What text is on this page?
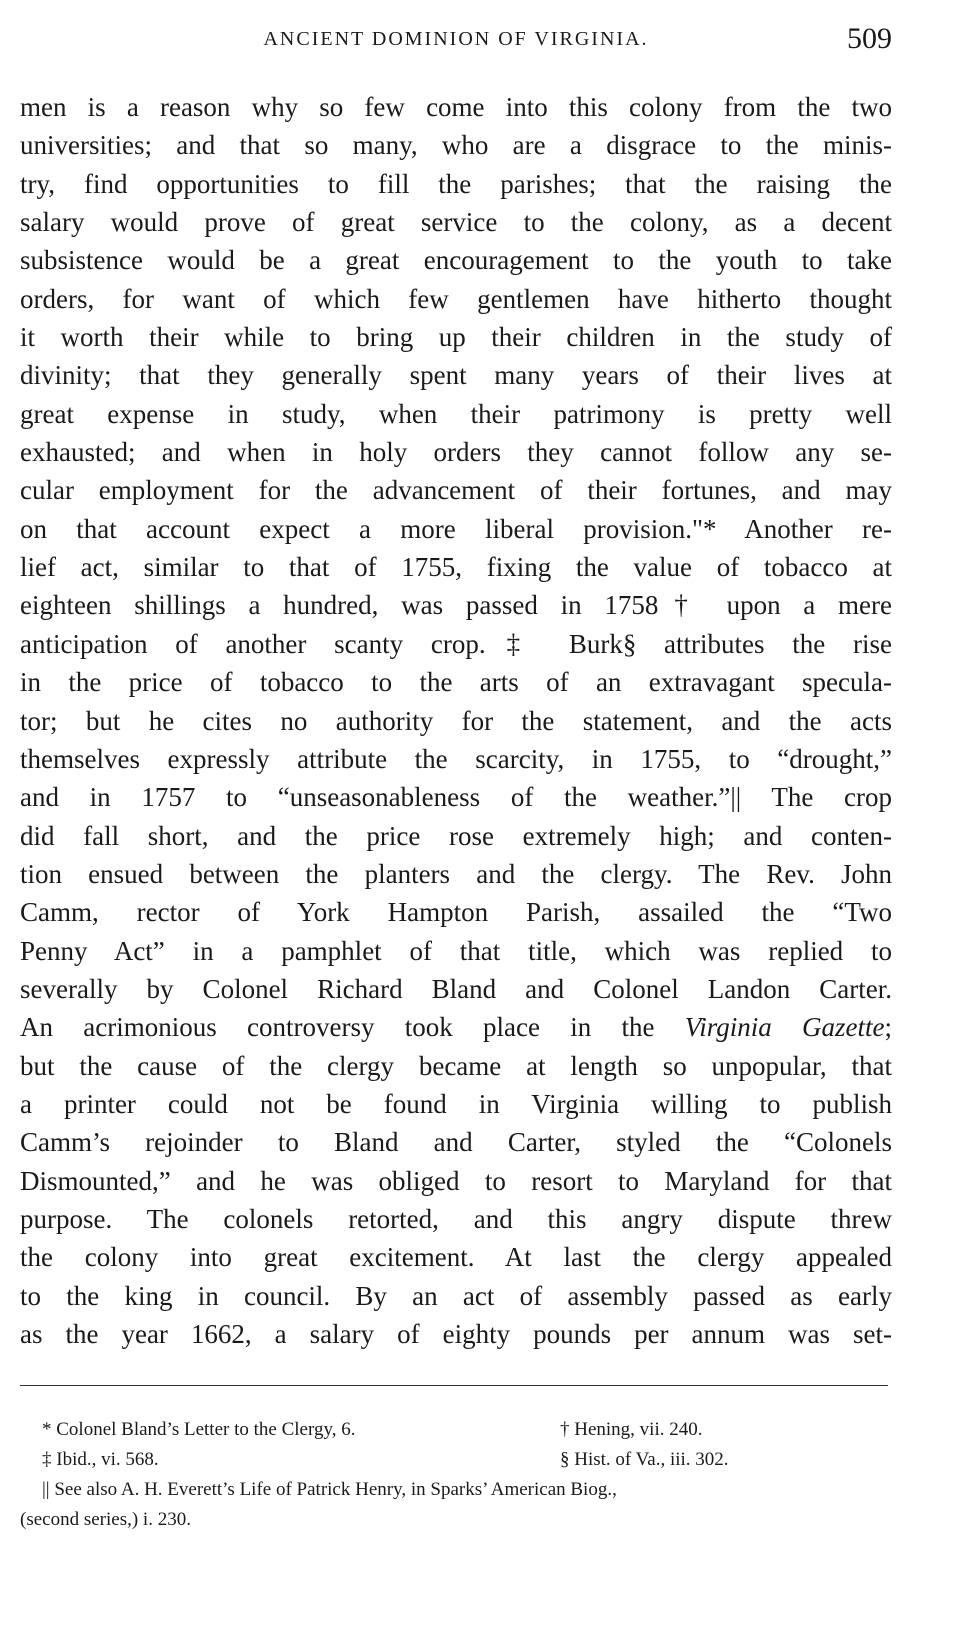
ANCIENT DOMINION OF VIRGINIA.	509
men is a reason why so few come into this colony from the two
universities; and that so many, who are a disgrace to the minis-
try, find opportunities to fill the parishes; that the raising the
salary would prove of great service to the colony, as a decent
subsistence would be a great encouragement to the youth to take
orders, for want of which few gentlemen have hitherto thought
it worth their while to bring up their children in the study of
divinity; that they generally spent many years of their lives at
great expense in study, when their patrimony is pretty well
exhausted; and when in holy orders they cannot follow any se-
cular employment for the advancement of their fortunes, and may
on that account expect a more liberal provision."* Another re-
lief act, similar to that of 1755, fixing the value of tobacco at
eighteen shillings a hundred, was passed in 1758† upon a mere
anticipation of another scanty crop.‡ Burk§ attributes the rise
in the price of tobacco to the arts of an extravagant specula-
tor; but he cites no authority for the statement, and the acts
themselves expressly attribute the scarcity, in 1755, to “drought,”
and in 1757 to “unseasonableness of the weather.”|| The crop
did fall short, and the price rose extremely high; and conten-
tion ensued between the planters and the clergy. The Rev. John
Camm, rector of York Hampton Parish, assailed the “Two
Penny Act” in a pamphlet of that title, which was replied to
severally by Colonel Richard Bland and Colonel Landon Carter.
An acrimonious controversy took place in the Virginia Gazette;
but the cause of the clergy became at length so unpopular, that
a printer could not be found in Virginia willing to publish
Camm’s rejoinder to Bland and Carter, styled the “Colonels
Dismounted,” and he was obliged to resort to Maryland for that
purpose. The colonels retorted, and this angry dispute threw
the colony into great excitement. At last the clergy appealed
to the king in council. By an act of assembly passed as early
as the year 1662, a salary of eighty pounds per annum was set-
* Colonel Bland’s Letter to the Clergy, 6.	† Hening, vii. 240.
‡ Ibid., vi. 568.	§ Hist. of Va., iii. 302.
|| See also A. H. Everett’s Life of Patrick Henry, in Sparks’ American Biog.,
(second series,) i. 230.
